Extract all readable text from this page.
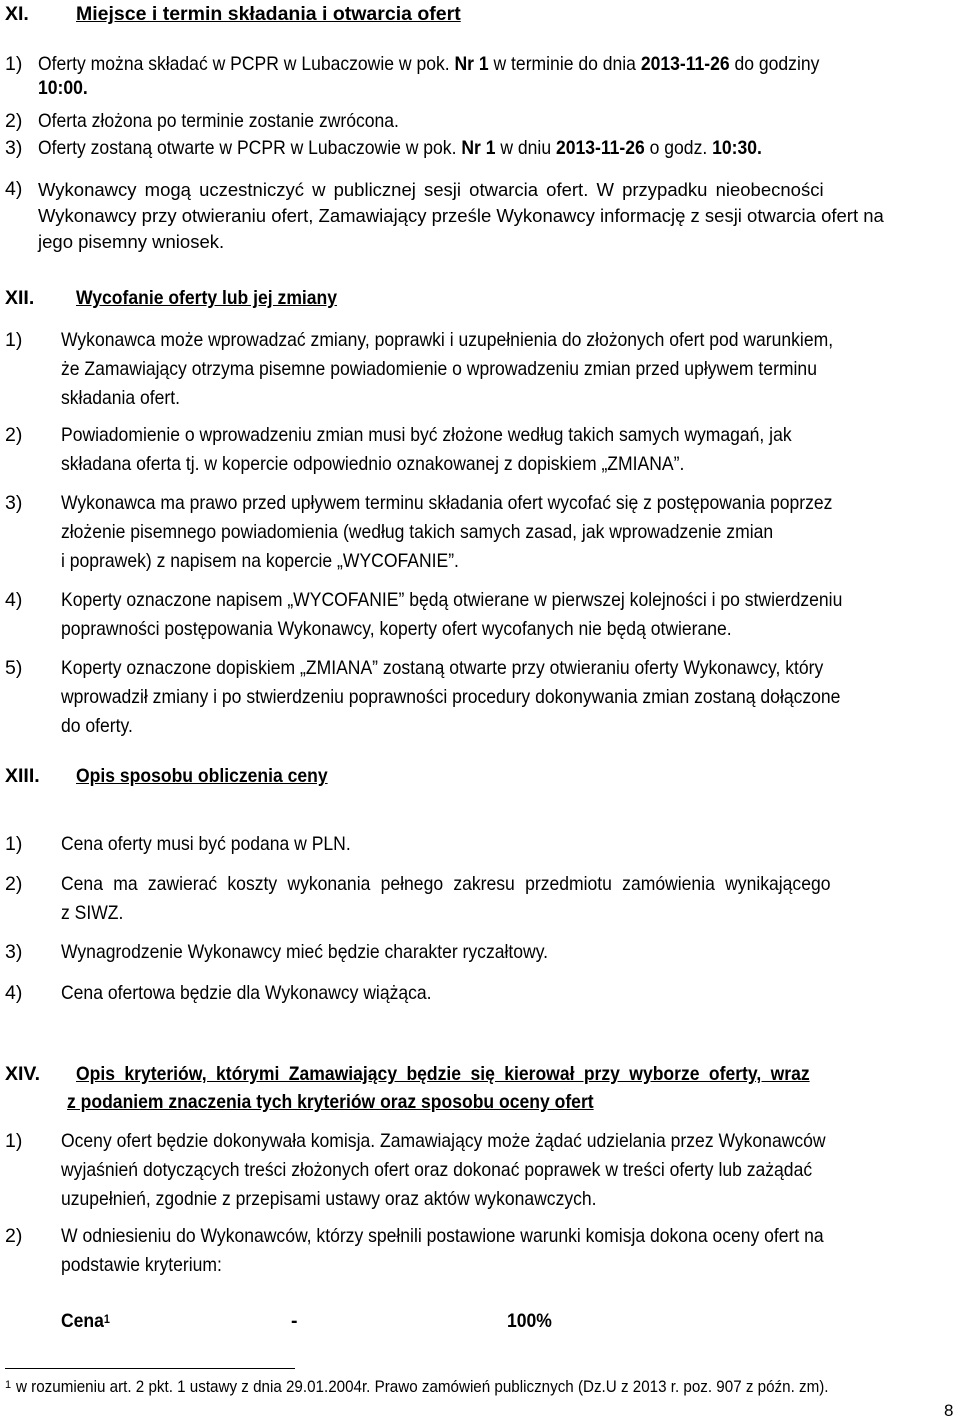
XI. Miejsce i termin składania i otwarcia ofert
1) Oferty można składać w PCPR w Lubaczowie w pok. Nr 1 w terminie do dnia 2013-11-26 do godziny
10:00.
2) Oferta złożona po terminie zostanie zwrócona.
3) Oferty zostaną otwarte w PCPR w Lubaczowie w pok. Nr 1 w dniu 2013-11-26 o godz. 10:30.
4) Wykonawcy mogą uczestniczyć w publicznej sesji otwarcia ofert. W przypadku nieobecności
Wykonawcy przy otwieraniu ofert, Zamawiający prześle Wykonawcy informację z sesji otwarcia ofert na
jego pisemny wniosek.
XII. Wycofanie oferty lub jej zmiany
1) Wykonawca może wprowadzać zmiany, poprawki i uzupełnienia do złożonych ofert pod warunkiem,
że Zamawiający otrzyma pisemne powiadomienie o wprowadzeniu zmian przed upływem terminu
składania ofert.
2) Powiadomienie o wprowadzeniu zmian musi być złożone według takich samych wymagań, jak
składana oferta tj. w kopercie odpowiednio oznakowanej z dopiskiem „ZMIANA”.
3) Wykonawca ma prawo przed upływem terminu składania ofert wycofać się z postępowania poprzez
złożenie pisemnego powiadomienia (według takich samych zasad, jak wprowadzenie zmian
i poprawek) z napisem na kopercie „WYCOFANIE”.
4) Koperty oznaczone napisem „WYCOFANIE” będą otwierane w pierwszej kolejności i po stwierdzeniu
poprawności postępowania Wykonawcy, koperty ofert wycofanych nie będą otwierane.
5) Koperty oznaczone dopiskiem „ZMIANA” zostaną otwarte przy otwieraniu oferty Wykonawcy, który
wprowadził zmiany i po stwierdzeniu poprawności procedury dokonywania zmian zostaną dołączone
do oferty.
XIII. Opis sposobu obliczenia ceny
1) Cena oferty musi być podana w PLN.
2) Cena ma zawierać koszty wykonania pełnego zakresu przedmiotu zamówienia wynikającego
z SIWZ.
3) Wynagrodzenie Wykonawcy mieć będzie charakter ryczałtowy.
4) Cena ofertowa będzie dla Wykonawcy wiążąca.
XIV. Opis kryteriów, którymi Zamawiający będzie się kierował przy wyborze oferty, wraz
z podaniem znaczenia tych kryteriów oraz sposobu oceny ofert
1) Oceny ofert będzie dokonywała komisja. Zamawiający może żądać udzielania przez Wykonawców
wyjaśnień dotyczących treści złożonych ofert oraz dokonać poprawek w treści oferty lub zażądać
uzupełnień, zgodnie z przepisami ustawy oraz aktów wykonawczych.
2) W odniesieniu do Wykonawców, którzy spełnili postawione warunki komisja dokona oceny ofert na
podstawie kryterium:
Cena$^1$	-	100%
$^1$ w rozumieniu art. 2 pkt. 1 ustawy z dnia 29.01.2004r. Prawo zamówień publicznych (Dz.U z 2013 r. poz. 907 z późn. zm).
8
